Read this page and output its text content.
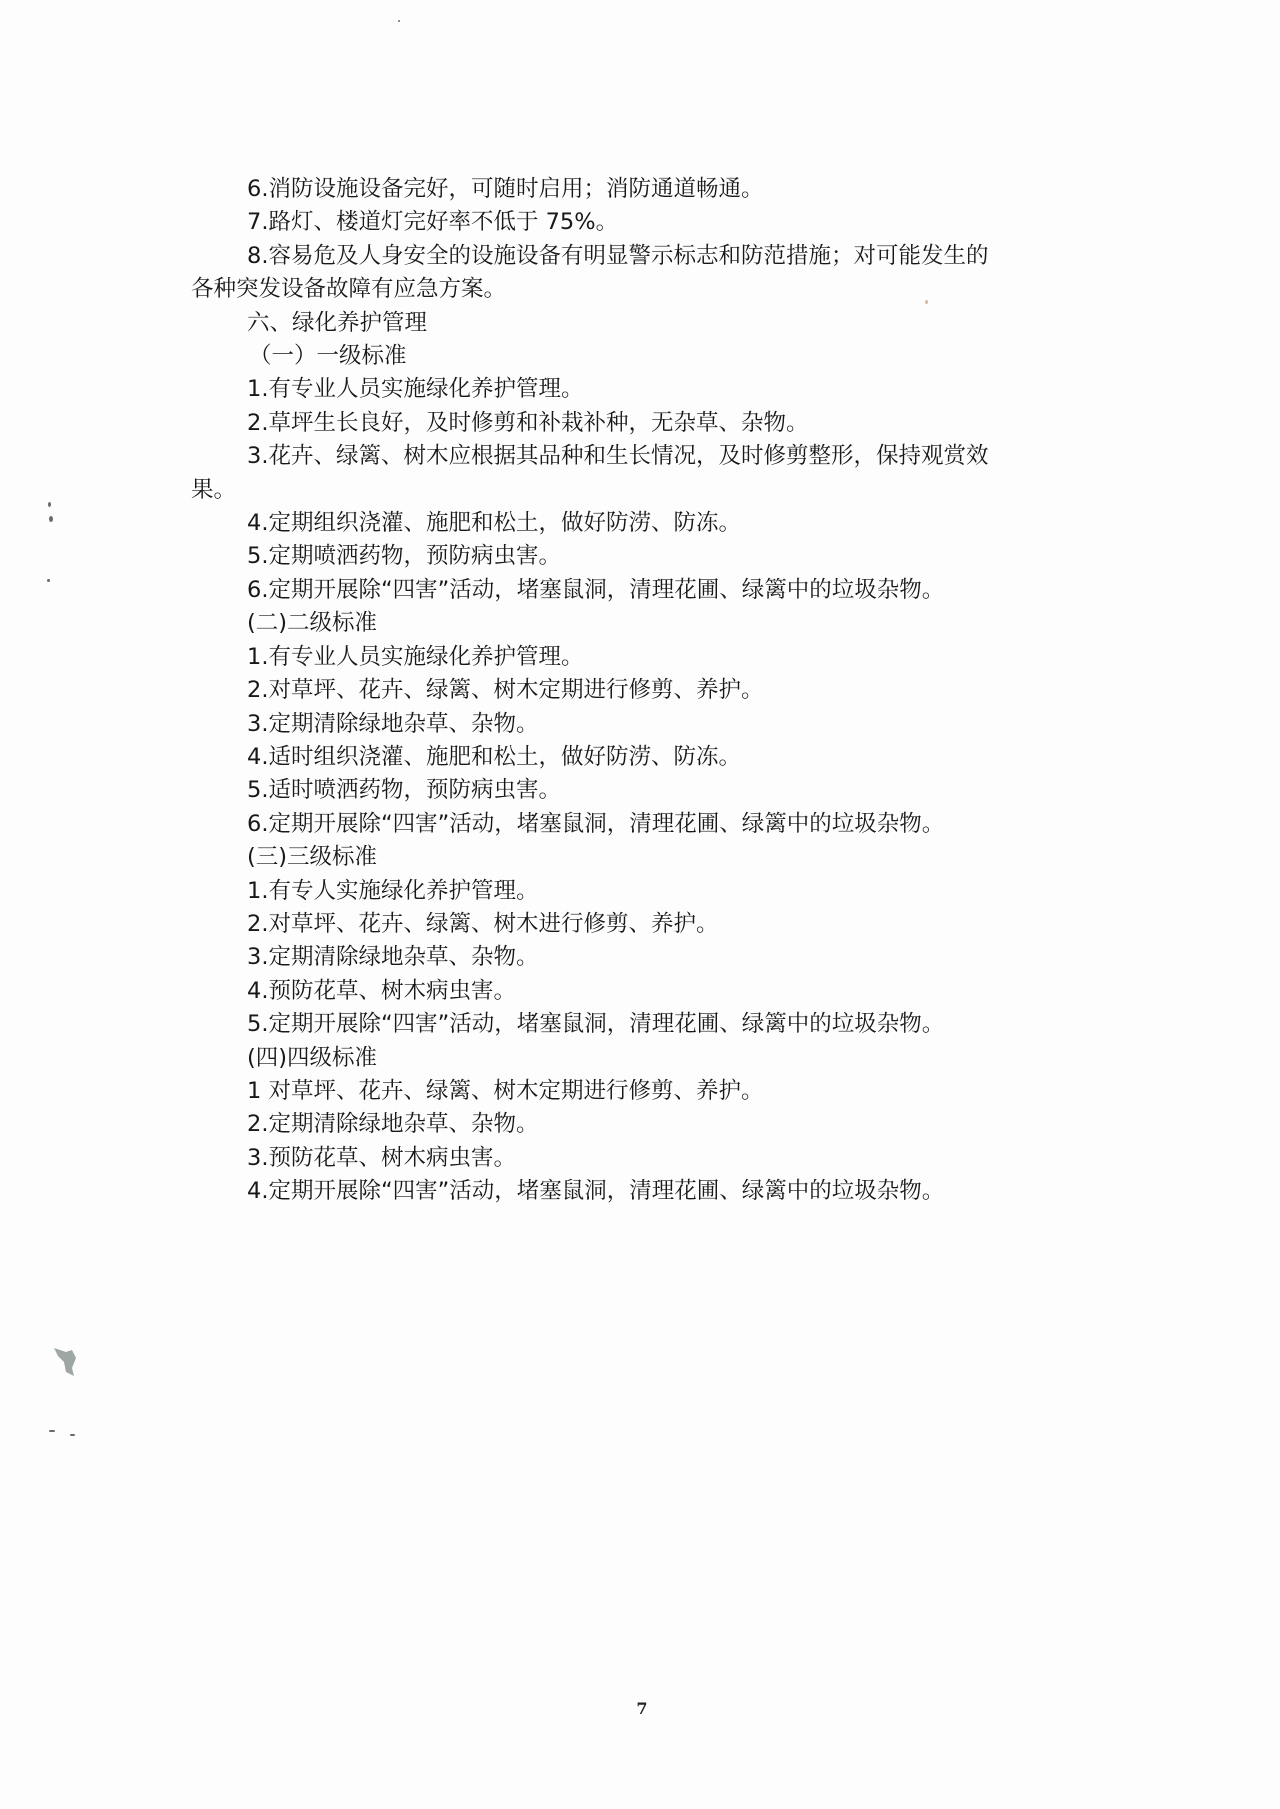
6.消防设施设备完好，可随时启用；消防通道畅通。
7.路灯、楼道灯完好率不低于 75%。
8.容易危及人身安全的设施设备有明显警示标志和防范措施；对可能发生的
各种突发设备故障有应急方案。
六、绿化养护管理
（一）一级标准
1.有专业人员实施绿化养护管理。
2.草坪生长良好，及时修剪和补栽补种，无杂草、杂物。
3.花卉、绿篱、树木应根据其品种和生长情况，及时修剪整形，保持观赏效
果。
4.定期组织浇灌、施肥和松土，做好防涝、防冻。
5.定期喷洒药物，预防病虫害。
6.定期开展除“四害”活动，堵塞鼠洞，清理花圃、绿篱中的垃圾杂物。
(二)二级标准
1.有专业人员实施绿化养护管理。
2.对草坪、花卉、绿篱、树木定期进行修剪、养护。
3.定期清除绿地杂草、杂物。
4.适时组织浇灌、施肥和松土，做好防涝、防冻。
5.适时喷洒药物，预防病虫害。
6.定期开展除“四害”活动，堵塞鼠洞，清理花圃、绿篱中的垃圾杂物。
(三)三级标准
1.有专人实施绿化养护管理。
2.对草坪、花卉、绿篱、树木进行修剪、养护。
3.定期清除绿地杂草、杂物。
4.预防花草、树木病虫害。
5.定期开展除“四害”活动，堵塞鼠洞，清理花圃、绿篱中的垃圾杂物。
(四)四级标准
1 对草坪、花卉、绿篱、树木定期进行修剪、养护。
2.定期清除绿地杂草、杂物。
3.预防花草、树木病虫害。
4.定期开展除“四害”活动，堵塞鼠洞，清理花圃、绿篱中的垃圾杂物。
7
